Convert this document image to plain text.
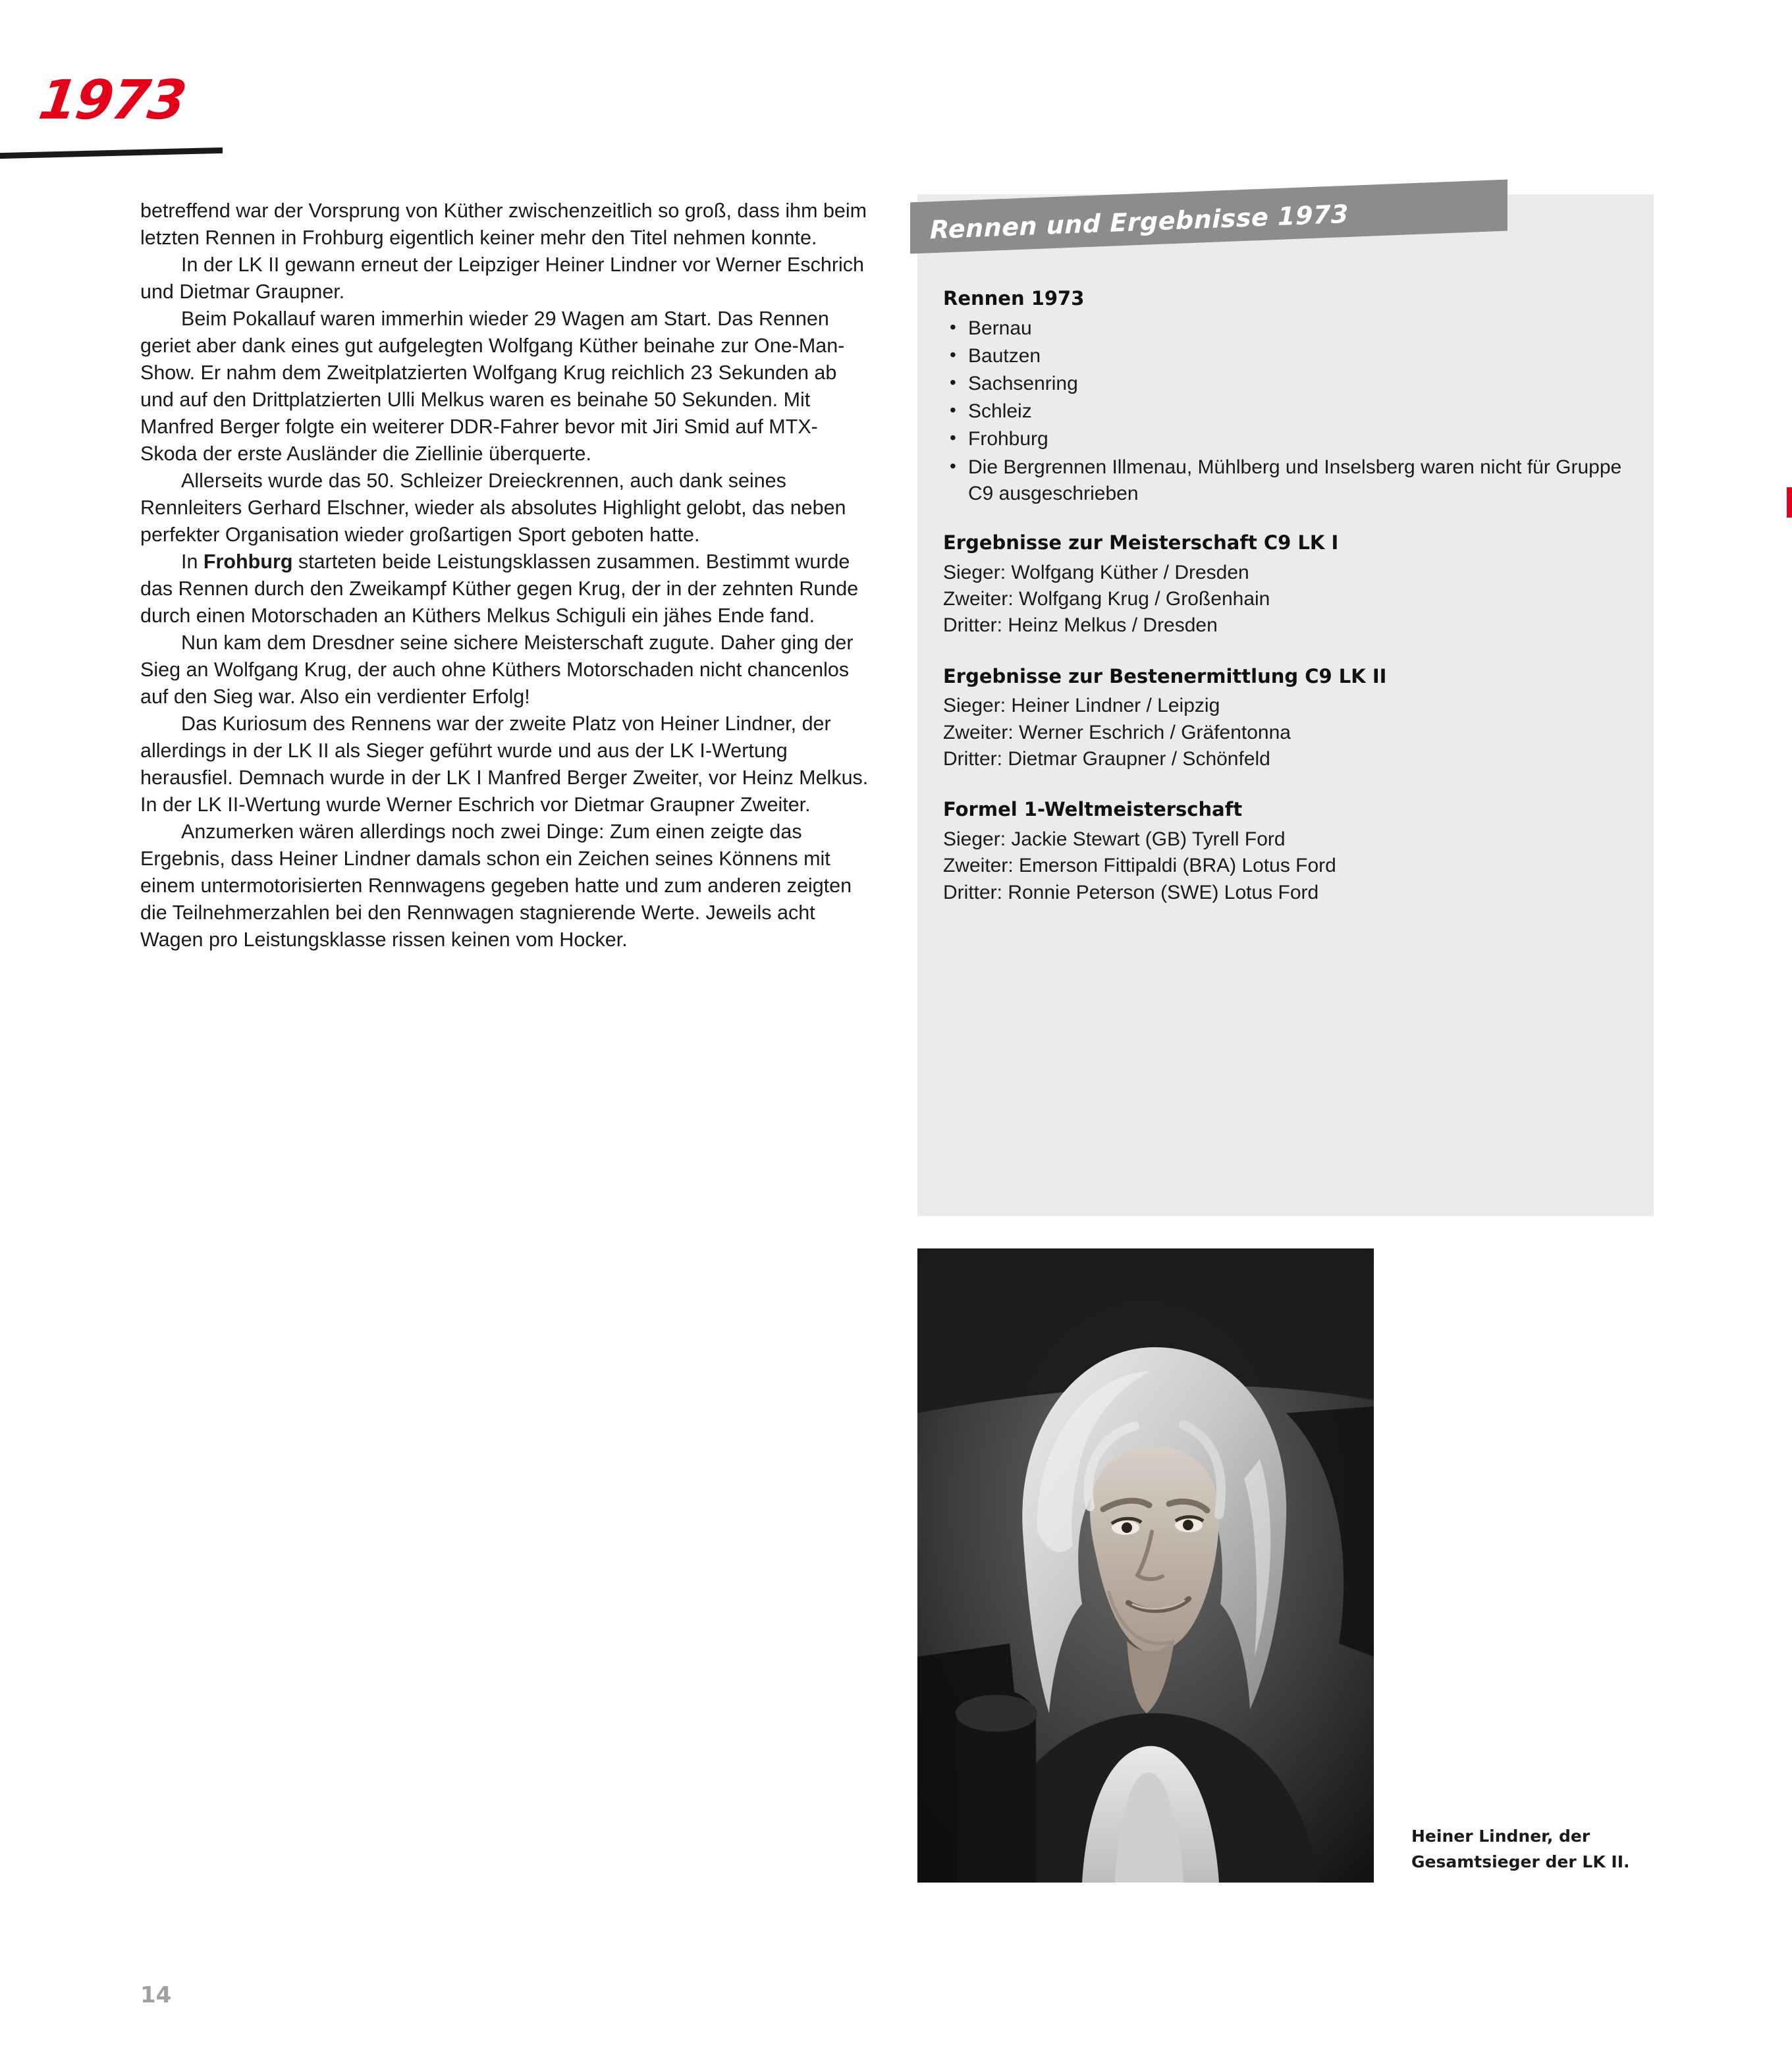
1973

betreffend war der Vorsprung von Küther zwischenzeitlich so groß, dass ihm beim letzten Rennen in Frohburg eigentlich keiner mehr den Titel nehmen konnte.

In der LK II gewann erneut der Leipziger Heiner Lindner vor Werner Eschrich und Dietmar Graupner.

Beim Pokallauf waren immerhin wieder 29 Wagen am Start. Das Rennen geriet aber dank eines gut aufgelegten Wolfgang Küther beinahe zur One-Man-Show. Er nahm dem Zweitplatzierten Wolfgang Krug reichlich 23 Sekunden ab und auf den Drittplatzierten Ulli Melkus waren es beinahe 50 Sekunden. Mit Manfred Berger folgte ein weiterer DDR-Fahrer bevor mit Jiri Smid auf MTX-Skoda der erste Ausländer die Ziellinie überquerte.

Allerseits wurde das 50. Schleizer Dreieckrennen, auch dank seines Rennleiters Gerhard Elschner, wieder als absolutes Highlight gelobt, das neben perfekter Organisation wieder großartigen Sport geboten hatte.

In Frohburg starteten beide Leistungsklassen zusammen. Bestimmt wurde das Rennen durch den Zweikampf Küther gegen Krug, der in der zehnten Runde durch einen Motorschaden an Küthers Melkus Schiguli ein jähes Ende fand.

Nun kam dem Dresdner seine sichere Meisterschaft zugute. Daher ging der Sieg an Wolfgang Krug, der auch ohne Küthers Motorschaden nicht chancenlos auf den Sieg war. Also ein verdienter Erfolg!

Das Kuriosum des Rennens war der zweite Platz von Heiner Lindner, der allerdings in der LK II als Sieger geführt wurde und aus der LK I-Wertung herausfiel. Demnach wurde in der LK I Manfred Berger Zweiter, vor Heinz Melkus. In der LK II-Wertung wurde Werner Eschrich vor Dietmar Graupner Zweiter.

Anzumerken wären allerdings noch zwei Dinge: Zum einen zeigte das Ergebnis, dass Heiner Lindner damals schon ein Zeichen seines Könnens mit einem untermotorisierten Rennwagens gegeben hatte und zum anderen zeigten die Teilnehmerzahlen bei den Rennwagen stagnierende Werte. Jeweils acht Wagen pro Leistungsklasse rissen keinen vom Hocker.

Rennen und Ergebnisse 1973
Rennen 1973
• Bernau
• Bautzen
• Sachsenring
• Schleiz
• Frohburg
• Die Bergrennen Illmenau, Mühlberg und Inselsberg waren nicht für Gruppe C9 ausgeschrieben
Ergebnisse zur Meisterschaft C9 LK I
Sieger: Wolfgang Küther / Dresden
Zweiter: Wolfgang Krug / Großenhain
Dritter: Heinz Melkus / Dresden
Ergebnisse zur Bestenermittlung C9 LK II
Sieger: Heiner Lindner / Leipzig
Zweiter: Werner Eschrich / Gräfentonna
Dritter: Dietmar Graupner / Schönfeld
Formel 1-Weltmeisterschaft
Sieger: Jackie Stewart (GB) Tyrell Ford
Zweiter: Emerson Fittipaldi (BRA) Lotus Ford
Dritter: Ronnie Peterson (SWE) Lotus Ford
Heiner Lindner, der
Gesamtsieger der LK II.
14
